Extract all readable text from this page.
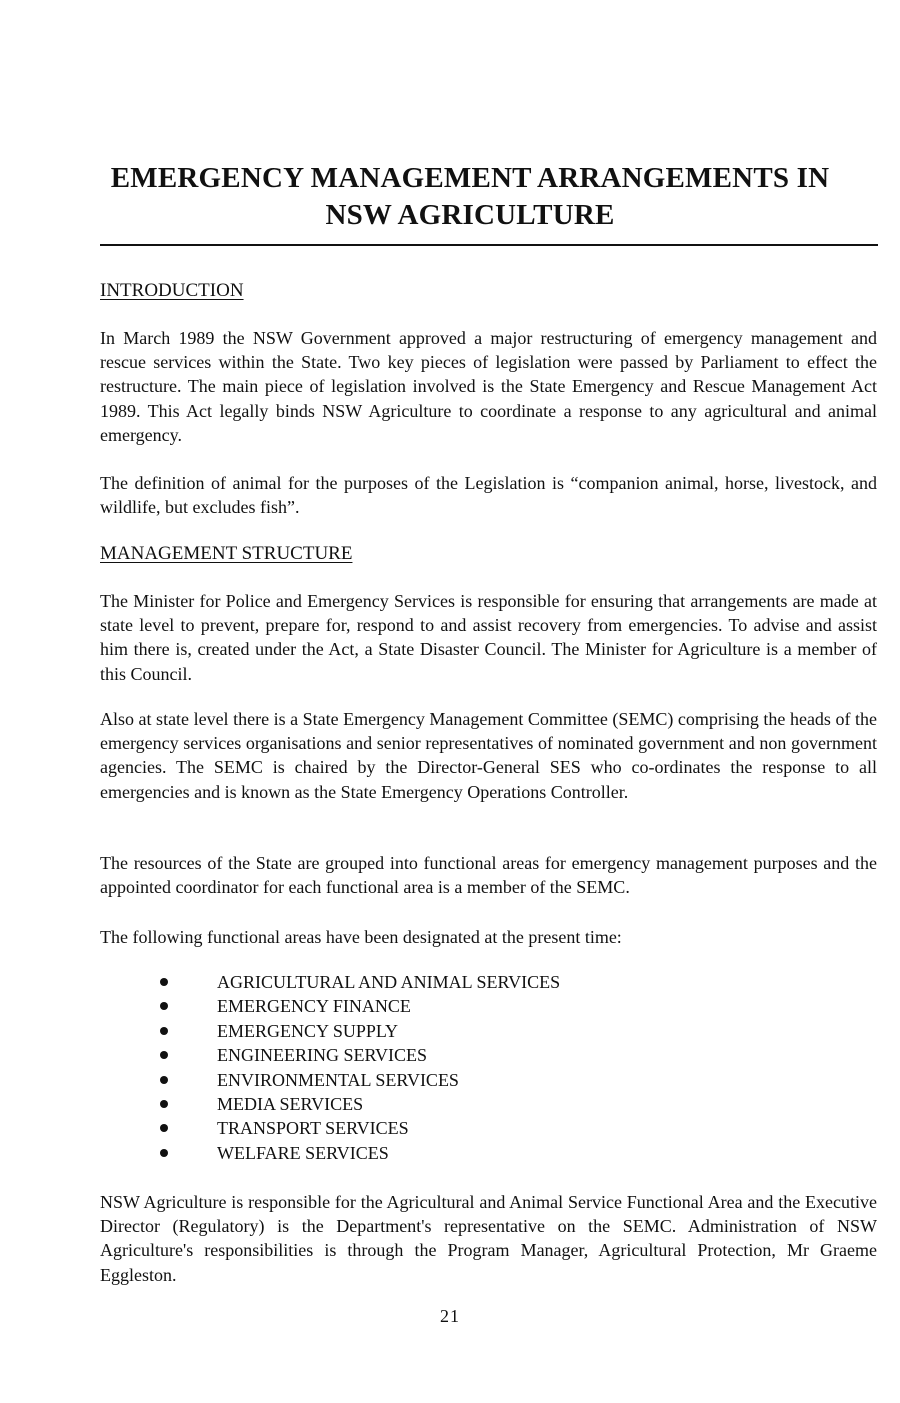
EMERGENCY MANAGEMENT ARRANGEMENTS IN
NSW AGRICULTURE
INTRODUCTION

In March 1989 the NSW Government approved a major restructuring of emergency management and rescue services within the State. Two key pieces of legislation were passed by Parliament to effect the restructure. The main piece of legislation involved is the State Emergency and Rescue Management Act 1989. This Act legally binds NSW Agriculture to coordinate a response to any agricultural and animal emergency.

The definition of animal for the purposes of the Legislation is “companion animal, horse, livestock, and wildlife, but excludes fish”.

MANAGEMENT STRUCTURE

The Minister for Police and Emergency Services is responsible for ensuring that arrangements are made at state level to prevent, prepare for, respond to and assist recovery from emergencies. To advise and assist him there is, created under the Act, a State Disaster Council. The Minister for Agriculture is a member of this Council.

Also at state level there is a State Emergency Management Committee (SEMC) comprising the heads of the emergency services organisations and senior representatives of nominated government and non government agencies. The SEMC is chaired by the Director-General SES who co-ordinates the response to all emergencies and is known as the State Emergency Operations Controller.

The resources of the State are grouped into functional areas for emergency management purposes and the appointed coordinator for each functional area is a member of the SEMC.

The following functional areas have been designated at the present time:

AGRICULTURAL AND ANIMAL SERVICES
EMERGENCY FINANCE
EMERGENCY SUPPLY
ENGINEERING SERVICES
ENVIRONMENTAL SERVICES
MEDIA SERVICES
TRANSPORT SERVICES
WELFARE SERVICES

NSW Agriculture is responsible for the Agricultural and Animal Service Functional Area and the Executive Director (Regulatory) is the Department's representative on the SEMC. Administration of NSW Agriculture's responsibilities is through the Program Manager, Agricultural Protection, Mr Graeme Eggleston.

21
